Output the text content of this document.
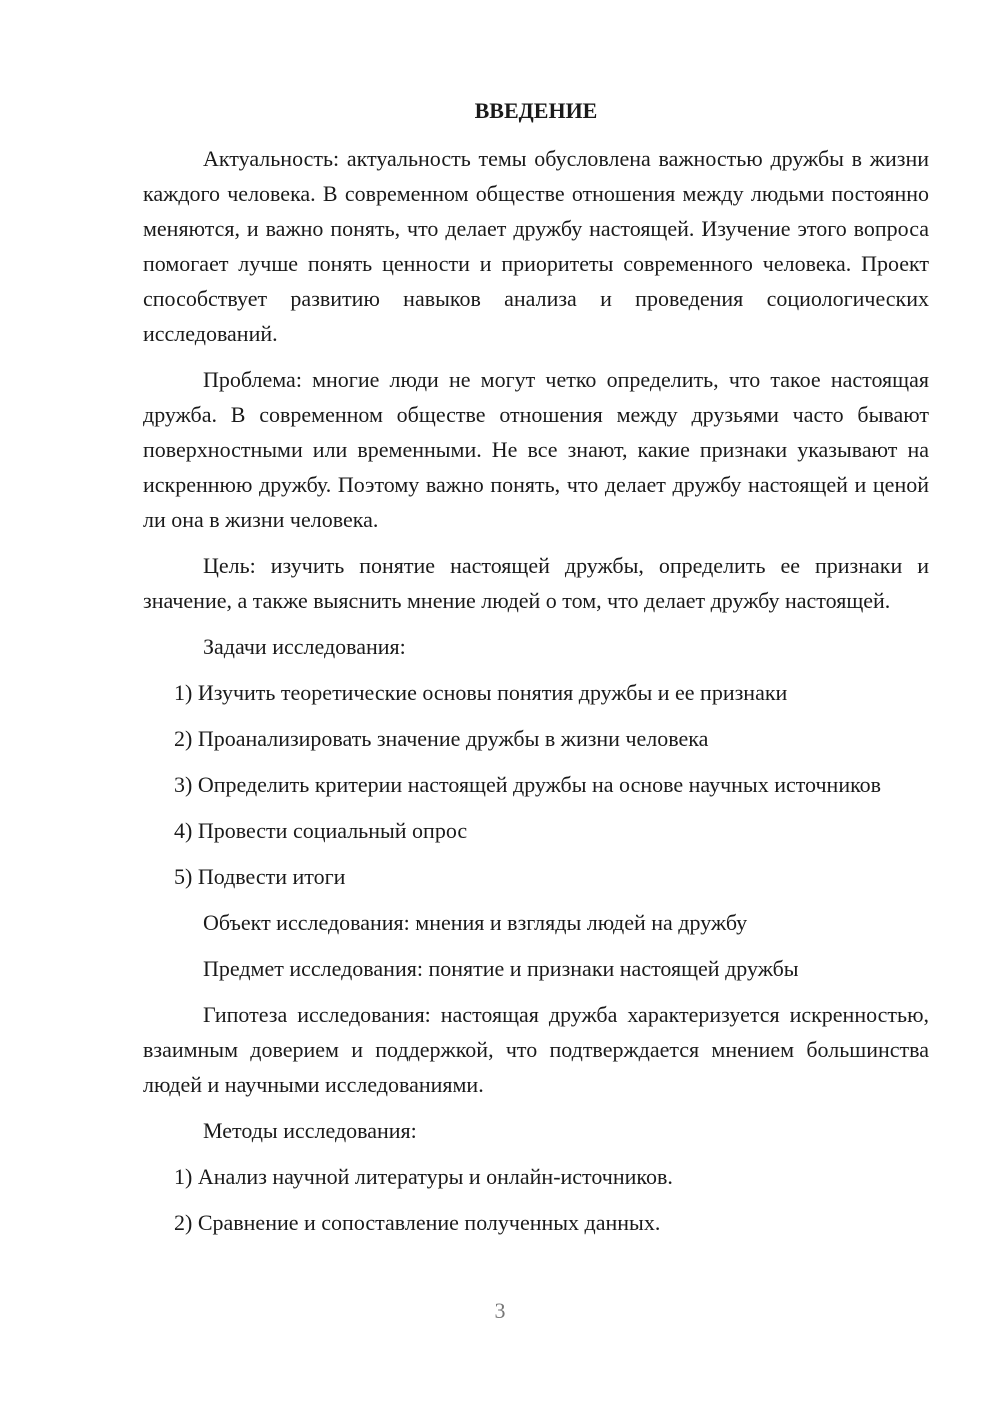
ВВЕДЕНИЕ

Актуальность: актуальность темы обусловлена важностью дружбы в жизни каждого человека. В современном обществе отношения между людьми постоянно меняются, и важно понять, что делает дружбу настоящей. Изучение этого вопроса помогает лучше понять ценности и приоритеты современного человека. Проект способствует развитию навыков анализа и проведения социологических исследований.

Проблема: многие люди не могут четко определить, что такое настоящая дружба. В современном обществе отношения между друзьями часто бывают поверхностными или временными. Не все знают, какие признаки указывают на искреннюю дружбу. Поэтому важно понять, что делает дружбу настоящей и ценой ли она в жизни человека.

Цель: изучить понятие настоящей дружбы, определить ее признаки и значение, а также выяснить мнение людей о том, что делает дружбу настоящей.

Задачи исследования:

1) Изучить теоретические основы понятия дружбы и ее признаки

2) Проанализировать значение дружбы в жизни человека

3) Определить критерии настоящей дружбы на основе научных источников

4) Провести социальный опрос

5) Подвести итоги

Объект исследования: мнения и взгляды людей на дружбу

Предмет исследования: понятие и признаки настоящей дружбы

Гипотеза исследования: настоящая дружба характеризуется искренностью, взаимным доверием и поддержкой, что подтверждается мнением большинства людей и научными исследованиями.

Методы исследования:

1) Анализ научной литературы и онлайн-источников.

2) Сравнение и сопоставление полученных данных.

3
